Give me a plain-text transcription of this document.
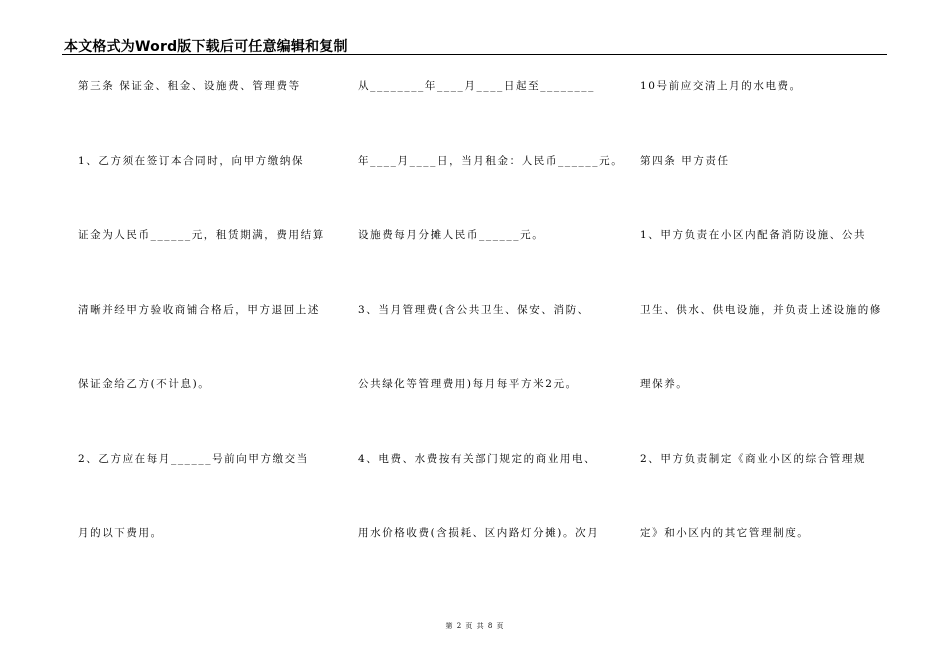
本文格式为Word版下载后可任意编辑和复制
第三条 保证金、租金、设施费、管理费等
1、乙方须在签订本合同时，向甲方缴纳保
证金为人民币______元，租赁期满，费用结算
清晰并经甲方验收商铺合格后，甲方退回上述
保证金给乙方(不计息)。
2、乙方应在每月______号前向甲方缴交当
月的以下费用。
从________年____月____日起至________
年____月____日，当月租金：人民币______元。
设施费每月分摊人民币______元。
3、当月管理费(含公共卫生、保安、消防、
公共绿化等管理费用)每月每平方米2元。
4、电费、水费按有关部门规定的商业用电、
用水价格收费(含损耗、区内路灯分摊)。次月
10号前应交清上月的水电费。
第四条 甲方责任
1、甲方负责在小区内配备消防设施、公共
卫生、供水、供电设施，并负责上述设施的修
理保养。
2、甲方负责制定《商业小区的综合管理规
定》和小区内的其它管理制度。
第 2 页 共 8 页
